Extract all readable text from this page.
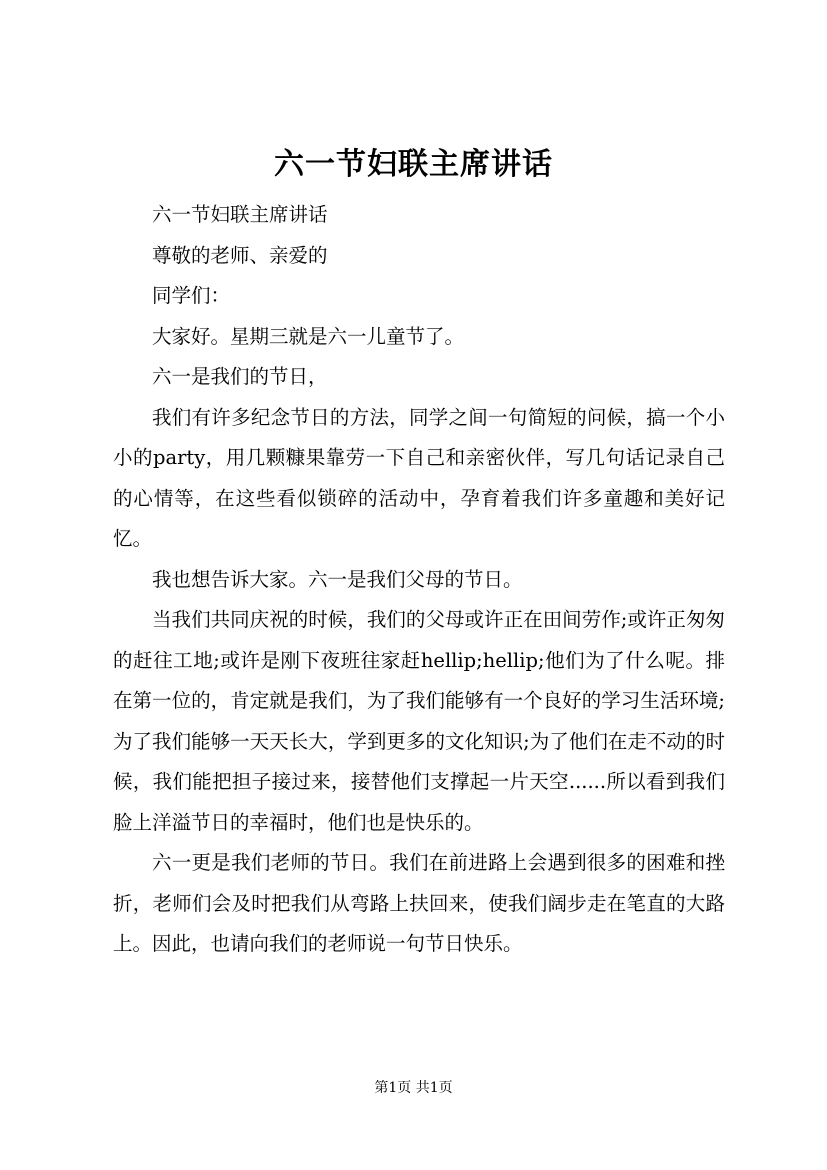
六一节妇联主席讲话

六一节妇联主席讲话

尊敬的老师、亲爱的

同学们：

大家好。星期三就是六一儿童节了。

六一是我们的节日，

我们有许多纪念节日的方法，同学之间一句简短的问候，搞一个小小的party，用几颗糠果靠劳一下自己和亲密伙伴，写几句话记录自己的心情等，在这些看似锁碎的活动中，孕育着我们许多童趣和美好记忆。

我也想告诉大家。六一是我们父母的节日。

当我们共同庆祝的时候，我们的父母或许正在田间劳作;或许正匆匆的赶往工地;或许是刚下夜班往家赶hellip;hellip;他们为了什么呢。排在第一位的，肯定就是我们，为了我们能够有一个良好的学习生活环境;为了我们能够一天天长大，学到更多的文化知识;为了他们在走不动的时候，我们能把担子接过来，接替他们支撑起一片天空......所以看到我们脸上洋溢节日的幸福时，他们也是快乐的。

六一更是我们老师的节日。我们在前进路上会遇到很多的困难和挫折，老师们会及时把我们从弯路上扶回来，使我们阔步走在笔直的大路上。因此，也请向我们的老师说一句节日快乐。

第1页 共1页
